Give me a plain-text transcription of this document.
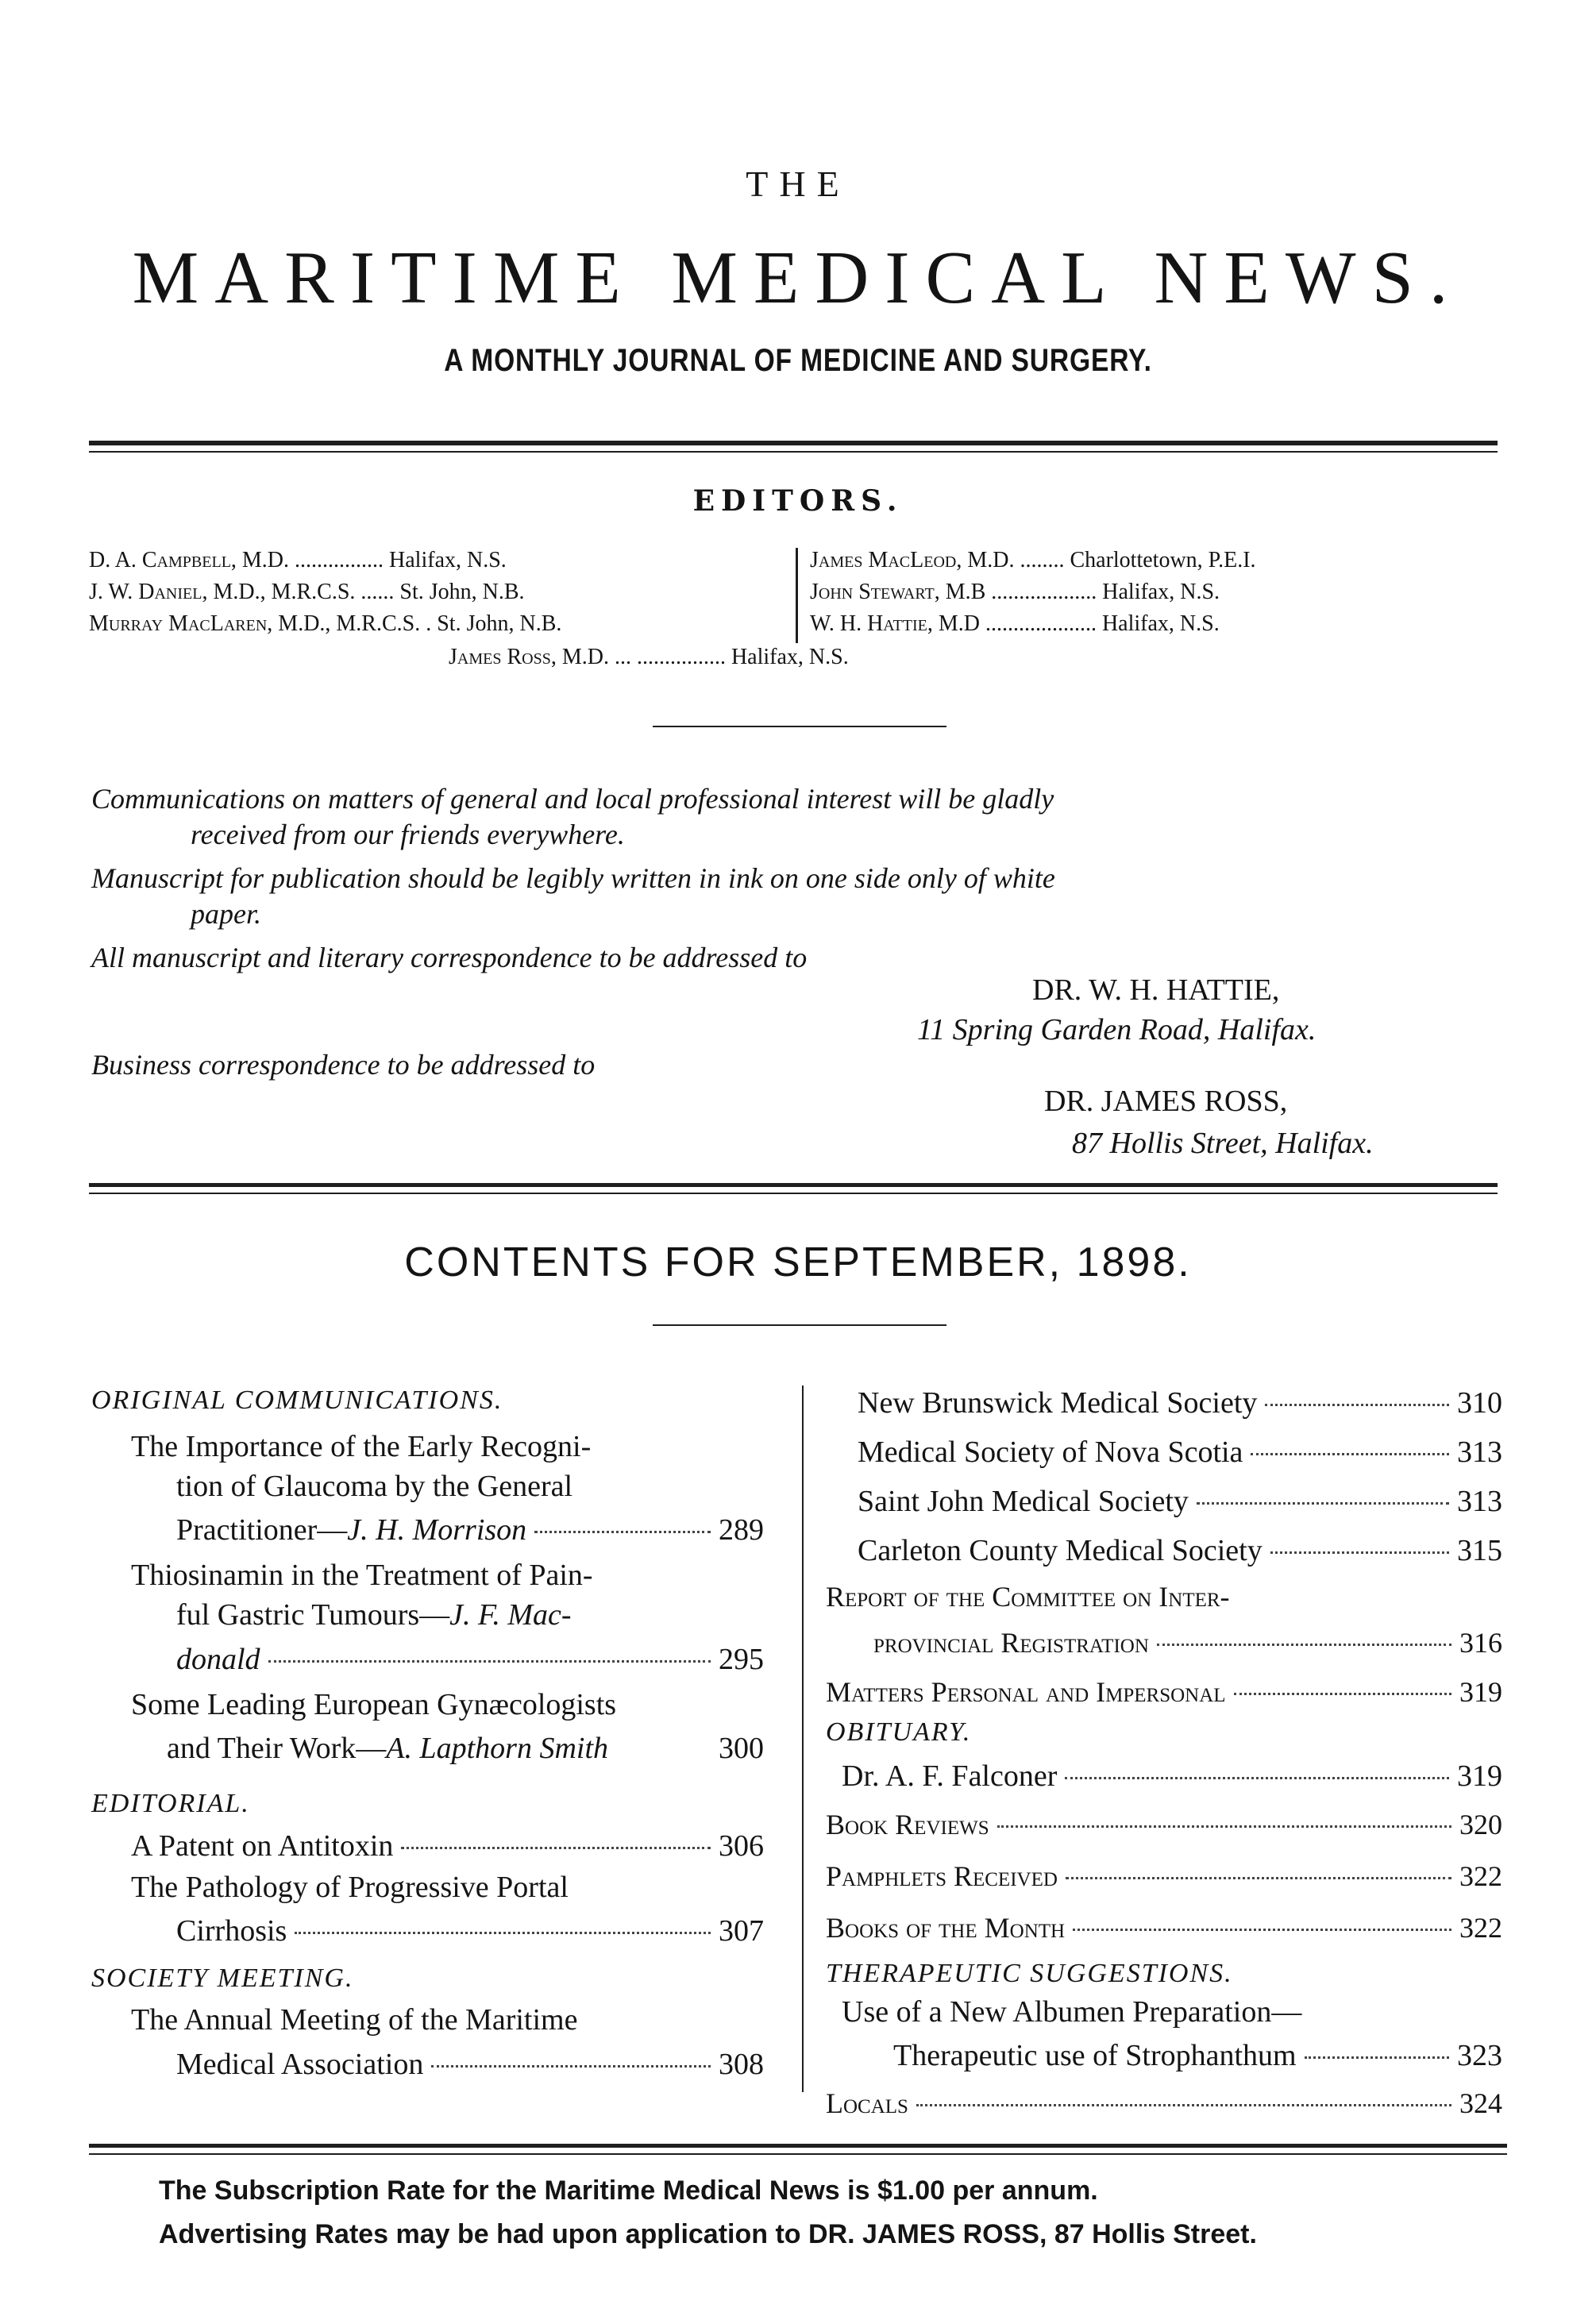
THE
MARITIME MEDICAL NEWS.
A MONTHLY JOURNAL OF MEDICINE AND SURGERY.
EDITORS.
D. A. Campbell, M.D. ................ Halifax, N.S.
J. W. Daniel, M.D., M.R.C.S. ...... St. John, N.B.
Murray MacLaren, M.D., M.R.C.S. . St. John, N.B.
James MacLeod, M.D. ........ Charlottetown, P.E.I.
John Stewart, M.B ................... Halifax, N.S.
W. H. Hattie, M.D .................... Halifax, N.S.
James Ross, M.D. ... ................ Halifax, N.S.
Communications on matters of general and local professional interest will be gladly
received from our friends everywhere.
Manuscript for publication should be legibly written in ink on one side only of white
paper.
All manuscript and literary correspondence to be addressed to
DR. W. H. HATTIE,
11 Spring Garden Road, Halifax.
Business correspondence to be addressed to
DR. JAMES ROSS,
87 Hollis Street, Halifax.
CONTENTS FOR SEPTEMBER, 1898.
ORIGINAL COMMUNICATIONS.
The Importance of the Early Recogni-
tion of Glaucoma by the General
Practitioner—J. H. Morrison	289
Thiosinamin in the Treatment of Pain-
ful Gastric Tumours—J. F. Mac-
donald	295
Some Leading European Gynæcologists
and Their Work—A. Lapthorn Smith	300
EDITORIAL.
A Patent on Antitoxin	306
The Pathology of Progressive Portal
Cirrhosis	307
SOCIETY MEETING.
The Annual Meeting of the Maritime
Medical Association	308
New Brunswick Medical Society	310
Medical Society of Nova Scotia	313
Saint John Medical Society	313
Carleton County Medical Society	315
Report of the Committee on Inter-
provincial Registration	316
Matters Personal and Impersonal	319
OBITUARY.
Dr. A. F. Falconer	319
Book Reviews	320
Pamphlets Received	322
Books of the Month	322
THERAPEUTIC SUGGESTIONS.
Use of a New Albumen Preparation—
Therapeutic use of Strophanthum	323
Locals	324
The Subscription Rate for the Maritime Medical News is $1.00 per annum.
Advertising Rates may be had upon application to DR. JAMES ROSS, 87 Hollis Street.
